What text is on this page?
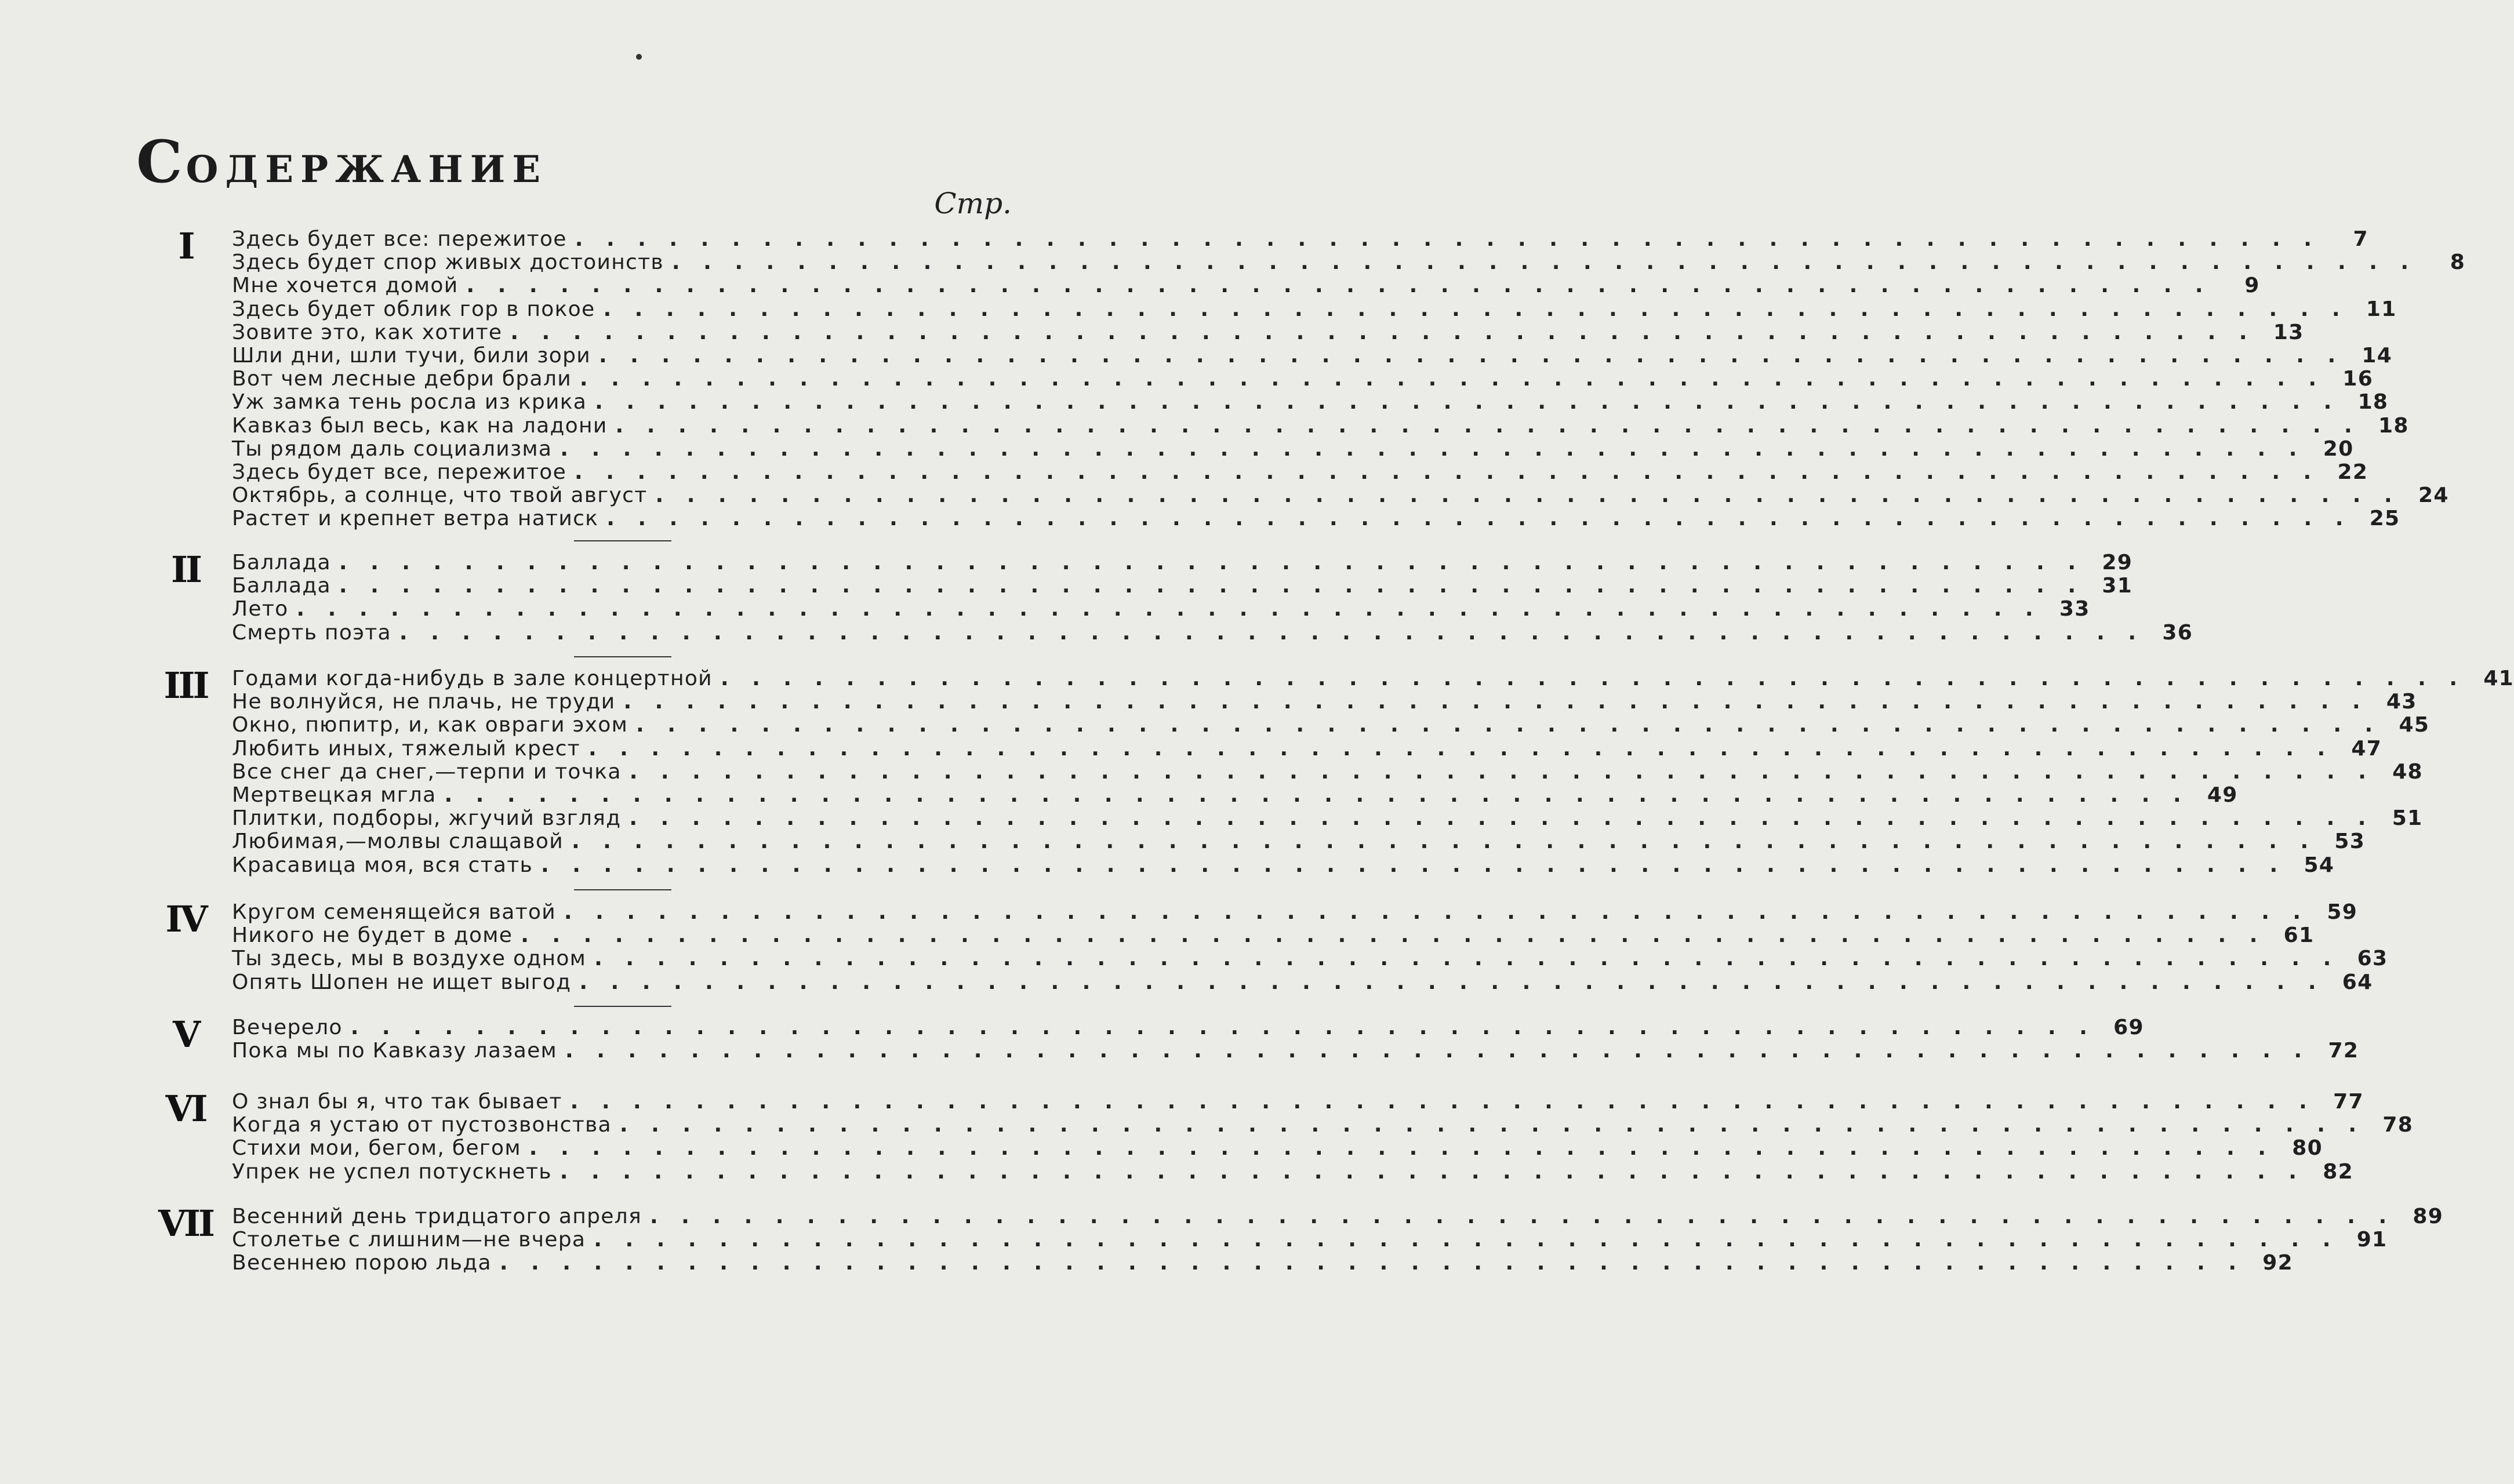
СОДЕРЖАНИЕ
Стр.
I	Здесь будет все: пережитое . . . . . . . . . . . . . . . . . . . . . . . . . . . . . . . . . . . . . . . . . . . . . . . . . . . . . . . .	7
Здесь будет спор живых достоинств . . . . . . . . . . . . . . . . . . . . . . . . . . . . . . . . . . . . . . . . . . . . . . . . . . . . . . . .	8
Мне хочется домой . . . . . . . . . . . . . . . . . . . . . . . . . . . . . . . . . . . . . . . . . . . . . . . . . . . . . . . .	9
Здесь будет облик гор в покое . . . . . . . . . . . . . . . . . . . . . . . . . . . . . . . . . . . . . . . . . . . . . . . . . . . . . . . . 11
Зовите это, как хотите . . . . . . . . . . . . . . . . . . . . . . . . . . . . . . . . . . . . . . . . . . . . . . . . . . . . . . . . 13
Шли дни, шли тучи, били зори . . . . . . . . . . . . . . . . . . . . . . . . . . . . . . . . . . . . . . . . . . . . . . . . . . . . . . . . 14
Вот чем лесные дебри брали . . . . . . . . . . . . . . . . . . . . . . . . . . . . . . . . . . . . . . . . . . . . . . . . . . . . . . . . 16
Уж замка тень росла из крика . . . . . . . . . . . . . . . . . . . . . . . . . . . . . . . . . . . . . . . . . . . . . . . . . . . . . . . . 18
Кавказ был весь, как на ладони . . . . . . . . . . . . . . . . . . . . . . . . . . . . . . . . . . . . . . . . . . . . . . . . . . . . . . . . 18
Ты рядом даль социализма . . . . . . . . . . . . . . . . . . . . . . . . . . . . . . . . . . . . . . . . . . . . . . . . . . . . . . . . 20
Здесь будет все, пережитое . . . . . . . . . . . . . . . . . . . . . . . . . . . . . . . . . . . . . . . . . . . . . . . . . . . . . . . . 22
Октябрь, а солнце, что твой август . . . . . . . . . . . . . . . . . . . . . . . . . . . . . . . . . . . . . . . . . . . . . . . . . . . . . . . . 24
Растет и крепнет ветра натиск . . . . . . . . . . . . . . . . . . . . . . . . . . . . . . . . . . . . . . . . . . . . . . . . . . . . . . . . 25
II	Баллада . . . . . . . . . . . . . . . . . . . . . . . . . . . . . . . . . . . . . . . . . . . . . . . . . . . . . . . . 29
Баллада . . . . . . . . . . . . . . . . . . . . . . . . . . . . . . . . . . . . . . . . . . . . . . . . . . . . . . . . 31
Лето . . . . . . . . . . . . . . . . . . . . . . . . . . . . . . . . . . . . . . . . . . . . . . . . . . . . . . . . 33
Смерть поэта . . . . . . . . . . . . . . . . . . . . . . . . . . . . . . . . . . . . . . . . . . . . . . . . . . . . . . . . 36
III	Годами когда-нибудь в зале концертной . . . . . . . . . . . . . . . . . . . . . . . . . . . . . . . . . . . . . . . . . . . . . . . . . . . . . . . . 41
Не волнуйся, не плачь, не труди . . . . . . . . . . . . . . . . . . . . . . . . . . . . . . . . . . . . . . . . . . . . . . . . . . . . . . . . 43
Окно, пюпитр, и, как овраги эхом . . . . . . . . . . . . . . . . . . . . . . . . . . . . . . . . . . . . . . . . . . . . . . . . . . . . . . . . 45
Любить иных, тяжелый крест . . . . . . . . . . . . . . . . . . . . . . . . . . . . . . . . . . . . . . . . . . . . . . . . . . . . . . . . 47
Все снег да снег,—терпи и точка . . . . . . . . . . . . . . . . . . . . . . . . . . . . . . . . . . . . . . . . . . . . . . . . . . . . . . . . 48
Мертвецкая мгла . . . . . . . . . . . . . . . . . . . . . . . . . . . . . . . . . . . . . . . . . . . . . . . . . . . . . . . . 49
Плитки, подборы, жгучий взгляд . . . . . . . . . . . . . . . . . . . . . . . . . . . . . . . . . . . . . . . . . . . . . . . . . . . . . . . . 51
Любимая,—молвы слащавой . . . . . . . . . . . . . . . . . . . . . . . . . . . . . . . . . . . . . . . . . . . . . . . . . . . . . . . . 53
Красавица моя, вся стать . . . . . . . . . . . . . . . . . . . . . . . . . . . . . . . . . . . . . . . . . . . . . . . . . . . . . . . . 54
IV	Кругом семенящейся ватой . . . . . . . . . . . . . . . . . . . . . . . . . . . . . . . . . . . . . . . . . . . . . . . . . . . . . . . . 59
Никого не будет в доме . . . . . . . . . . . . . . . . . . . . . . . . . . . . . . . . . . . . . . . . . . . . . . . . . . . . . . . . 61
Ты здесь, мы в воздухе одном . . . . . . . . . . . . . . . . . . . . . . . . . . . . . . . . . . . . . . . . . . . . . . . . . . . . . . . . 63
Опять Шопен не ищет выгод . . . . . . . . . . . . . . . . . . . . . . . . . . . . . . . . . . . . . . . . . . . . . . . . . . . . . . . . 64
V	Вечерело . . . . . . . . . . . . . . . . . . . . . . . . . . . . . . . . . . . . . . . . . . . . . . . . . . . . . . . . 69
Пока мы по Кавказу лазаем . . . . . . . . . . . . . . . . . . . . . . . . . . . . . . . . . . . . . . . . . . . . . . . . . . . . . . . . 72
VI	О знал бы я, что так бывает . . . . . . . . . . . . . . . . . . . . . . . . . . . . . . . . . . . . . . . . . . . . . . . . . . . . . . . . 77
Когда я устаю от пустозвонства . . . . . . . . . . . . . . . . . . . . . . . . . . . . . . . . . . . . . . . . . . . . . . . . . . . . . . . . 78
Стихи мои, бегом, бегом . . . . . . . . . . . . . . . . . . . . . . . . . . . . . . . . . . . . . . . . . . . . . . . . . . . . . . . . 80
Упрек не успел потускнеть . . . . . . . . . . . . . . . . . . . . . . . . . . . . . . . . . . . . . . . . . . . . . . . . . . . . . . . . 82
VII Весенний день тридцатого апреля . . . . . . . . . . . . . . . . . . . . . . . . . . . . . . . . . . . . . . . . . . . . . . . . . . . . . . . . 89
Столетье с лишним—не вчера . . . . . . . . . . . . . . . . . . . . . . . . . . . . . . . . . . . . . . . . . . . . . . . . . . . . . . . . 91
Весеннею порою льда . . . . . . . . . . . . . . . . . . . . . . . . . . . . . . . . . . . . . . . . . . . . . . . . . . . . . . . . 92
